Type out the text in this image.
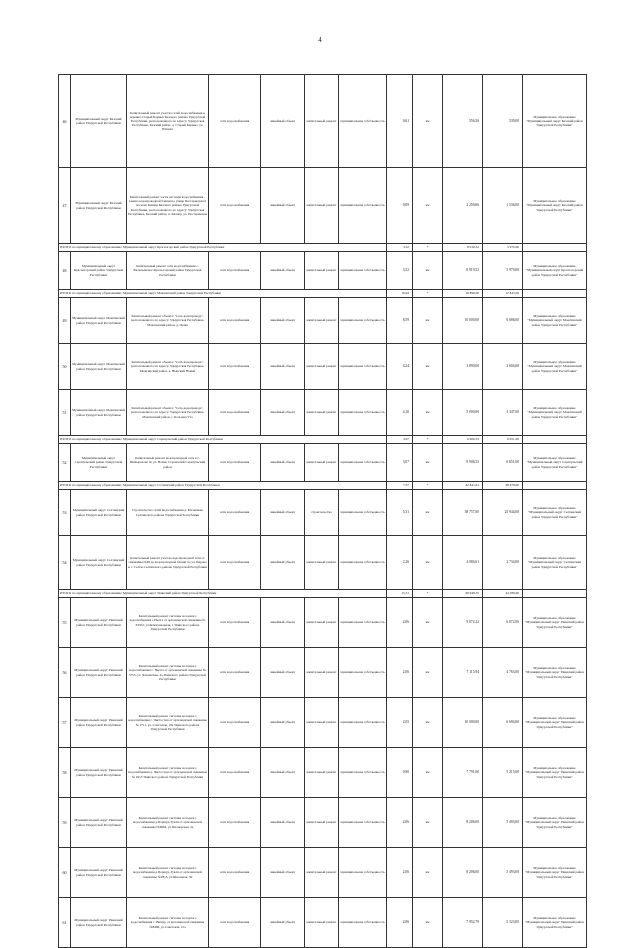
4
46	Муниципальный округ Кезский район Удмуртской Республики	Капитальный ремонт участка сетей водоснабжения в деревне Старый Кармыз Кезского района Удмуртской Республики, расположенного по адресу: Удмуртская Республика, Кезский район, д. Старый Кармыз, ул. Южная	сети водоснабжения	линейный объект	капитальный ремонт	муниципальная собственность	0,61	км	556,56	539,00	Муниципальное образование "Муниципальный округ Кезский район Удмуртской Республики"
47	Муниципальный округ Кезский район Удмуртской Республики	Капитальный ремонт части системы водоснабжения - замена водопроводной башни по улице Пестеревская в поселке Кизнер Кезского района Удмуртской Республики, расположенного по адресу: Удмуртская Республика, Кезский район, п. Кизнер, ул. Пестеревская	сети водоснабжения	линейный объект	капитальный ремонт	муниципальная собственность	0,09	км	2 259,66	1 536,00	Муниципальное образование "Муниципальный округ Кезский район Удмуртской Республики"
ИТОГО по муниципальному образованию: Муниципальный округ Красногорский район Удмуртской Республики							3,52	*	8 919,52	5 970,00	
48	Муниципальный округ Красногорский район Удмуртской Республики	Капитальный ремонт сети водоснабжения с. Васильевское Красногорский район Удмуртской Республики	сети водоснабжения	линейный объект	капитальный ремонт	муниципальная собственность	3,52	км	8 919,52	5 970,00	Муниципальное образование "Муниципальный округ Красногорский район Удмуртской Республики"
ИТОГО по муниципальному образованию: Муниципальный округ Можгинский район Удмуртской Республики							16,94	*	16 890,00	12 845,00	
49	Муниципальный округ Можгинский район Удмуртской Республики	Капитальный ремонт объекта: "Сеть водопровода", расположенного по адресу: Удмуртская Республика, Можгинский район, д. Пазяк	сети водоснабжения	линейный объект	капитальный ремонт	муниципальная собственность	8,59	км	10 000,00	6 686,00	Муниципальное образование "Муниципальный округ Можгинский район Удмуртской Республики"
50	Муниципальный округ Можгинский район Удмуртской Республики	Капитальный ремонт объекта: "Сеть водопровода", расположенного по адресу: Удмуртская Республика, Можгинский район, д. Нынский Новый	сети водоснабжения	линейный объект	капитальный ремонт	муниципальная собственность	4,24	км	3 890,00	2 604,00	Муниципальное образование "Муниципальный округ Можгинский район Удмуртской Республики"
51	Муниципальный округ Можгинский район Удмуртской Республики	Капитальный ремонт объекта: "Сеть водопровода", расположенного по адресу: Удмуртская Республика, Можгинский район, с. Большая Уча	сети водоснабжения	линейный объект	капитальный ремонт	муниципальная собственность	4,10	км	5 000,00	3 347,00	Муниципальное образование "Муниципальный округ Можгинский район Удмуртской Республики"
ИТОГО по муниципальному образованию: Муниципальный округ Сарапульский район Удмуртской Республики							3,07	*	9 906,53	6 651,00	
52	Муниципальный округ Сарапульский район Удмуртской Республики	Капитальный ремонт водопроводной сети в с. Шевырялово по ул. Новая, Строителей Сарапульский район	сети водоснабжения	линейный объект	капитальный ремонт	муниципальная собственность	3,07	км	9 906,53	6 651,00	Муниципальное образование "Муниципальный округ Сарапульский район Удмуртской Республики"
ИТОГО по муниципальному образованию: Муниципальный округ Селтинский район Удмуртской Республики							7,57	*	42 841,61	28 678,00	
53	Муниципальный округ Селтинский район Удмуртской Республики	Строительство сетей водоснабжения д. Малышево Селтинского района Удмуртской Республики	сети водоснабжения	линейный объект	строительство	муниципальная собственность	5,31	км	38 757,00	25 944,00	Муниципальное образование "Муниципальный округ Селтинский район Удмуртской Республики"
54	Муниципальный округ Селтинский район Удмуртской Республики	Капитальный ремонт участка водопроводной сети от скважины №48 до водопроводной башни по ул. Кирова и с. Селты Селтинского района Удмуртской Республики	сети водоснабжения	линейный объект	капитальный ремонт	муниципальная собственность	2,26	км	4 084,61	2 734,00	Муниципальное образование "Муниципальный округ Селтинский район Удмуртской Республики"
ИТОГО по муниципальному образованию: Муниципальный округ Увинский район Удмуртской Республики							15,31	*	66 948,35	44 286,00	
55	Муниципальный округ Увинский район Удмуртской Республики	Капитальный ремонт системы холодного водоснабжения с.Нылга от артезианской скважины № 63352, ул.Коммунальная, 1 Увинского района Удмуртской Республики	сети водоснабжения	линейный объект	капитальный ремонт	муниципальная собственность	2,06	км	9 072,22	6 072,00	Муниципальное образование "Муниципальный округ Увинский район Удмуртской Республики"
56	Муниципальный округ Увинский район Удмуртской Республики	Капитальный ремонт системы холодного водоснабжения с. Нылга от артезианской скважины № 5755, ул. Чапаевская, 2а Увинского района Удмуртской Республики	сети водоснабжения	линейный объект	капитальный ремонт	муниципальная собственность	2,06	км	7 115,94	4 763,00	Муниципальное образование "Муниципальный округ Увинский район Удмуртской Республики"
57	Муниципальный округ Увинский район Удмуртской Республики	Капитальный ремонт системы холодного водоснабжения с. Чистостем от артезианской скважины № 2711, ул. Советская, 19а Увинского района Удмуртской Республики	сети водоснабжения	линейный объект	капитальный ремонт	муниципальная собственность	2,05	км	10 000,00	6 694,00	Муниципальное образование "Муниципальный округ Увинский район Удмуртской Республики"
58	Муниципальный округ Увинский район Удмуртской Республики	Капитальный ремонт системы холодного водоснабжения д. Чистостем от артезианской скважины № 2913 Увинского района Удмуртской Республики	сети водоснабжения	линейный объект	капитальный ремонт	муниципальная собственность	0,90	км	7 791,00	5 215,00	Муниципальное образование "Муниципальный округ Увинский район Удмуртской Республики"
59	Муниципальный округ Увинский район Удмуртской Республики	Капитальный ремонт системы холодного водоснабжения д.Поршур-Тукля от артезианской скважины №6964, ул.Пионерская, 2а	сети водоснабжения	линейный объект	капитальный ремонт	муниципальная собственность	2,06	км	8 206,00	5 493,00	Муниципальное образование "Муниципальный округ Увинский район Удмуртской Республики"
60	Муниципальный округ Увинский район Удмуртской Республики	Капитальный ремонт системы холодного водоснабжения д.Поршур-Тукля от артезианской скважины №2815, ул.Школьная, 30	сети водоснабжения	линейный объект	капитальный ремонт	муниципальная собственность	2,06	км	8 206,00	5 493,00	Муниципальное образование "Муниципальный округ Увинский район Удмуртской Республики"
61	Муниципальный округ Увинский район Удмуртской Республики	Капитальный ремонт системы холодного водоснабжения с. Вишур от артезианской скважины №8490, ул.Советская, 15а	сети водоснабжения	линейный объект	капитальный ремонт	муниципальная собственность	2,06	км	7 952,79	5 323,00	Муниципальное образование "Муниципальный округ Увинский район Удмуртской Республики"
